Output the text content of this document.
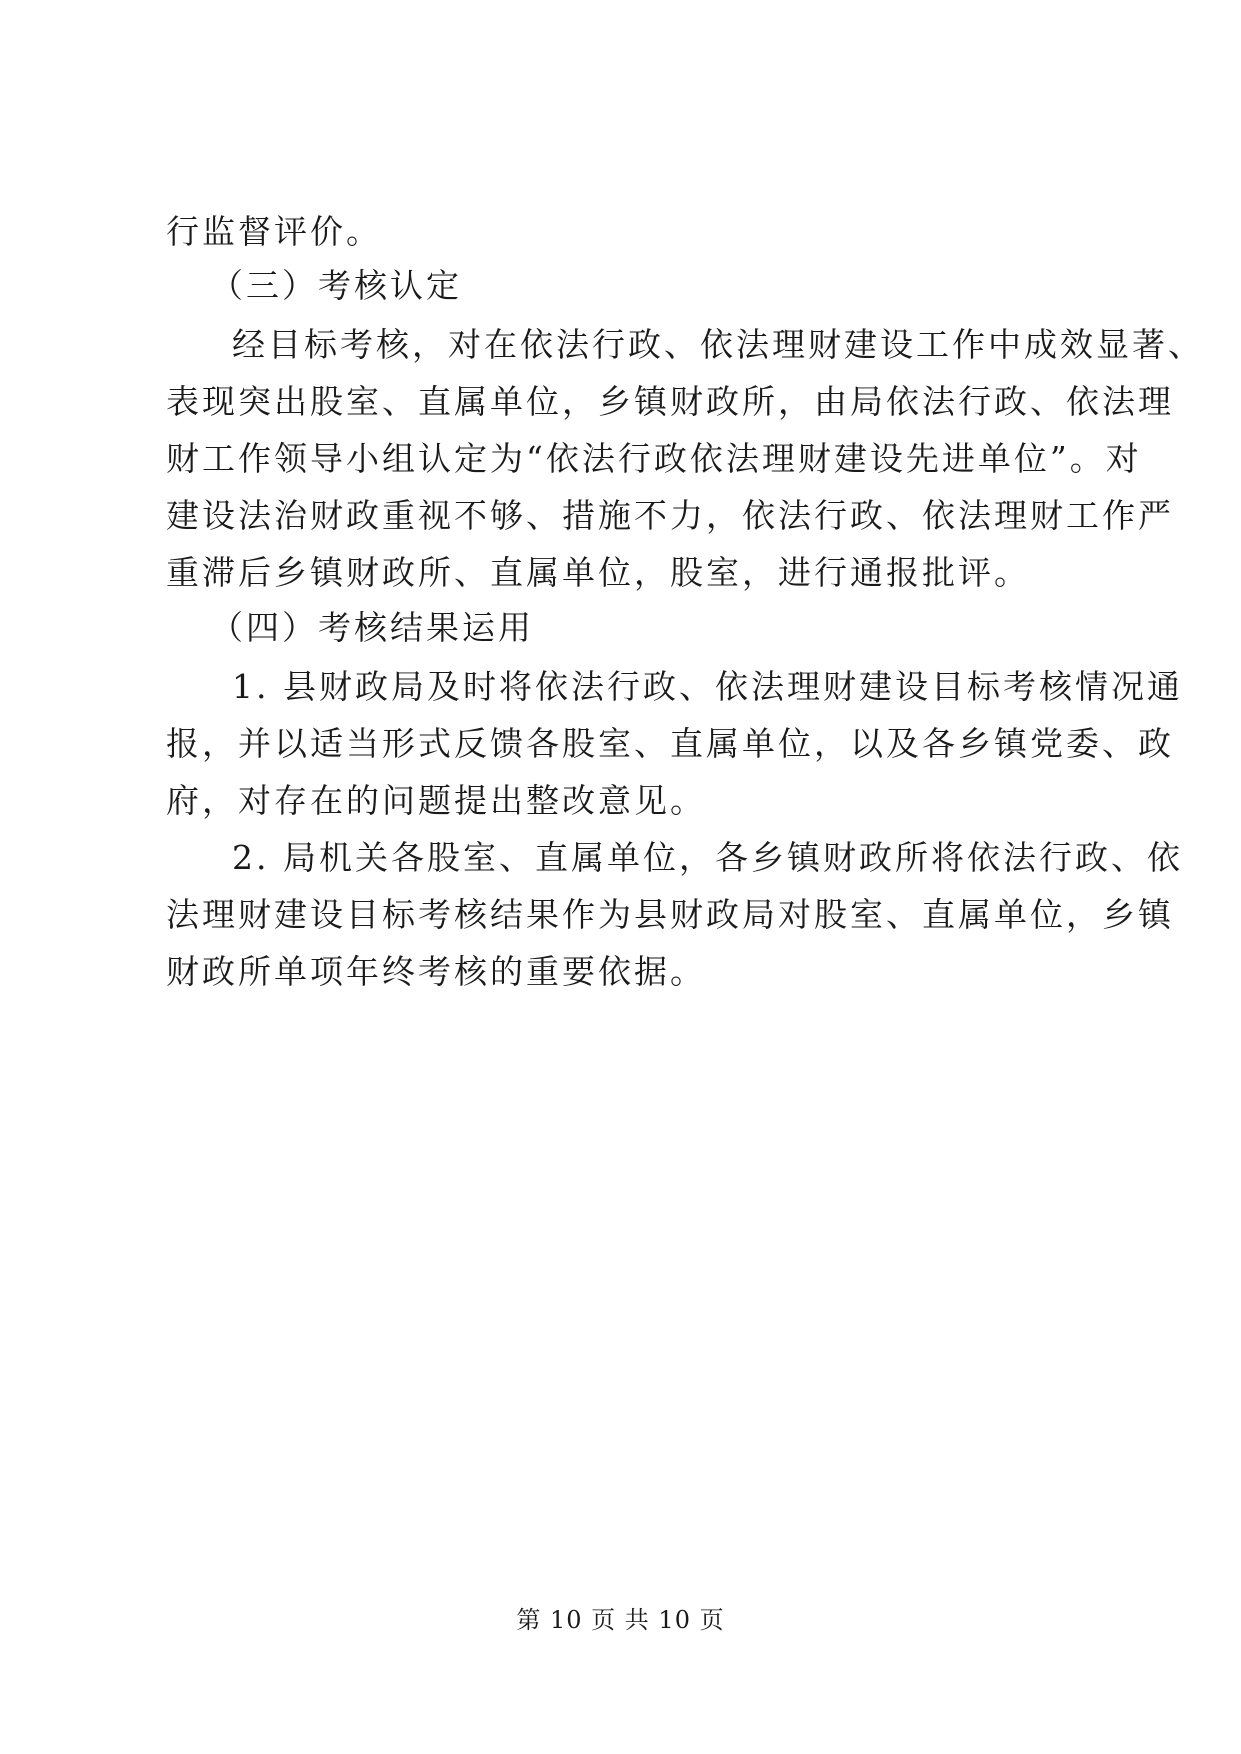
行监督评价。
（三）考核认定
经目标考核，对在依法行政、依法理财建设工作中成效显著、
表现突出股室、直属单位，乡镇财政所，由局依法行政、依法理
财工作领导小组认定为“依法行政依法理财建设先进单位”。对
建设法治财政重视不够、措施不力，依法行政、依法理财工作严
重滞后乡镇财政所、直属单位，股室，进行通报批评。
（四）考核结果运用
1. 县财政局及时将依法行政、依法理财建设目标考核情况通
报，并以适当形式反馈各股室、直属单位，以及各乡镇党委、政
府，对存在的问题提出整改意见。
2. 局机关各股室、直属单位，各乡镇财政所将依法行政、依
法理财建设目标考核结果作为县财政局对股室、直属单位，乡镇
财政所单项年终考核的重要依据。
第 10 页 共 10 页
